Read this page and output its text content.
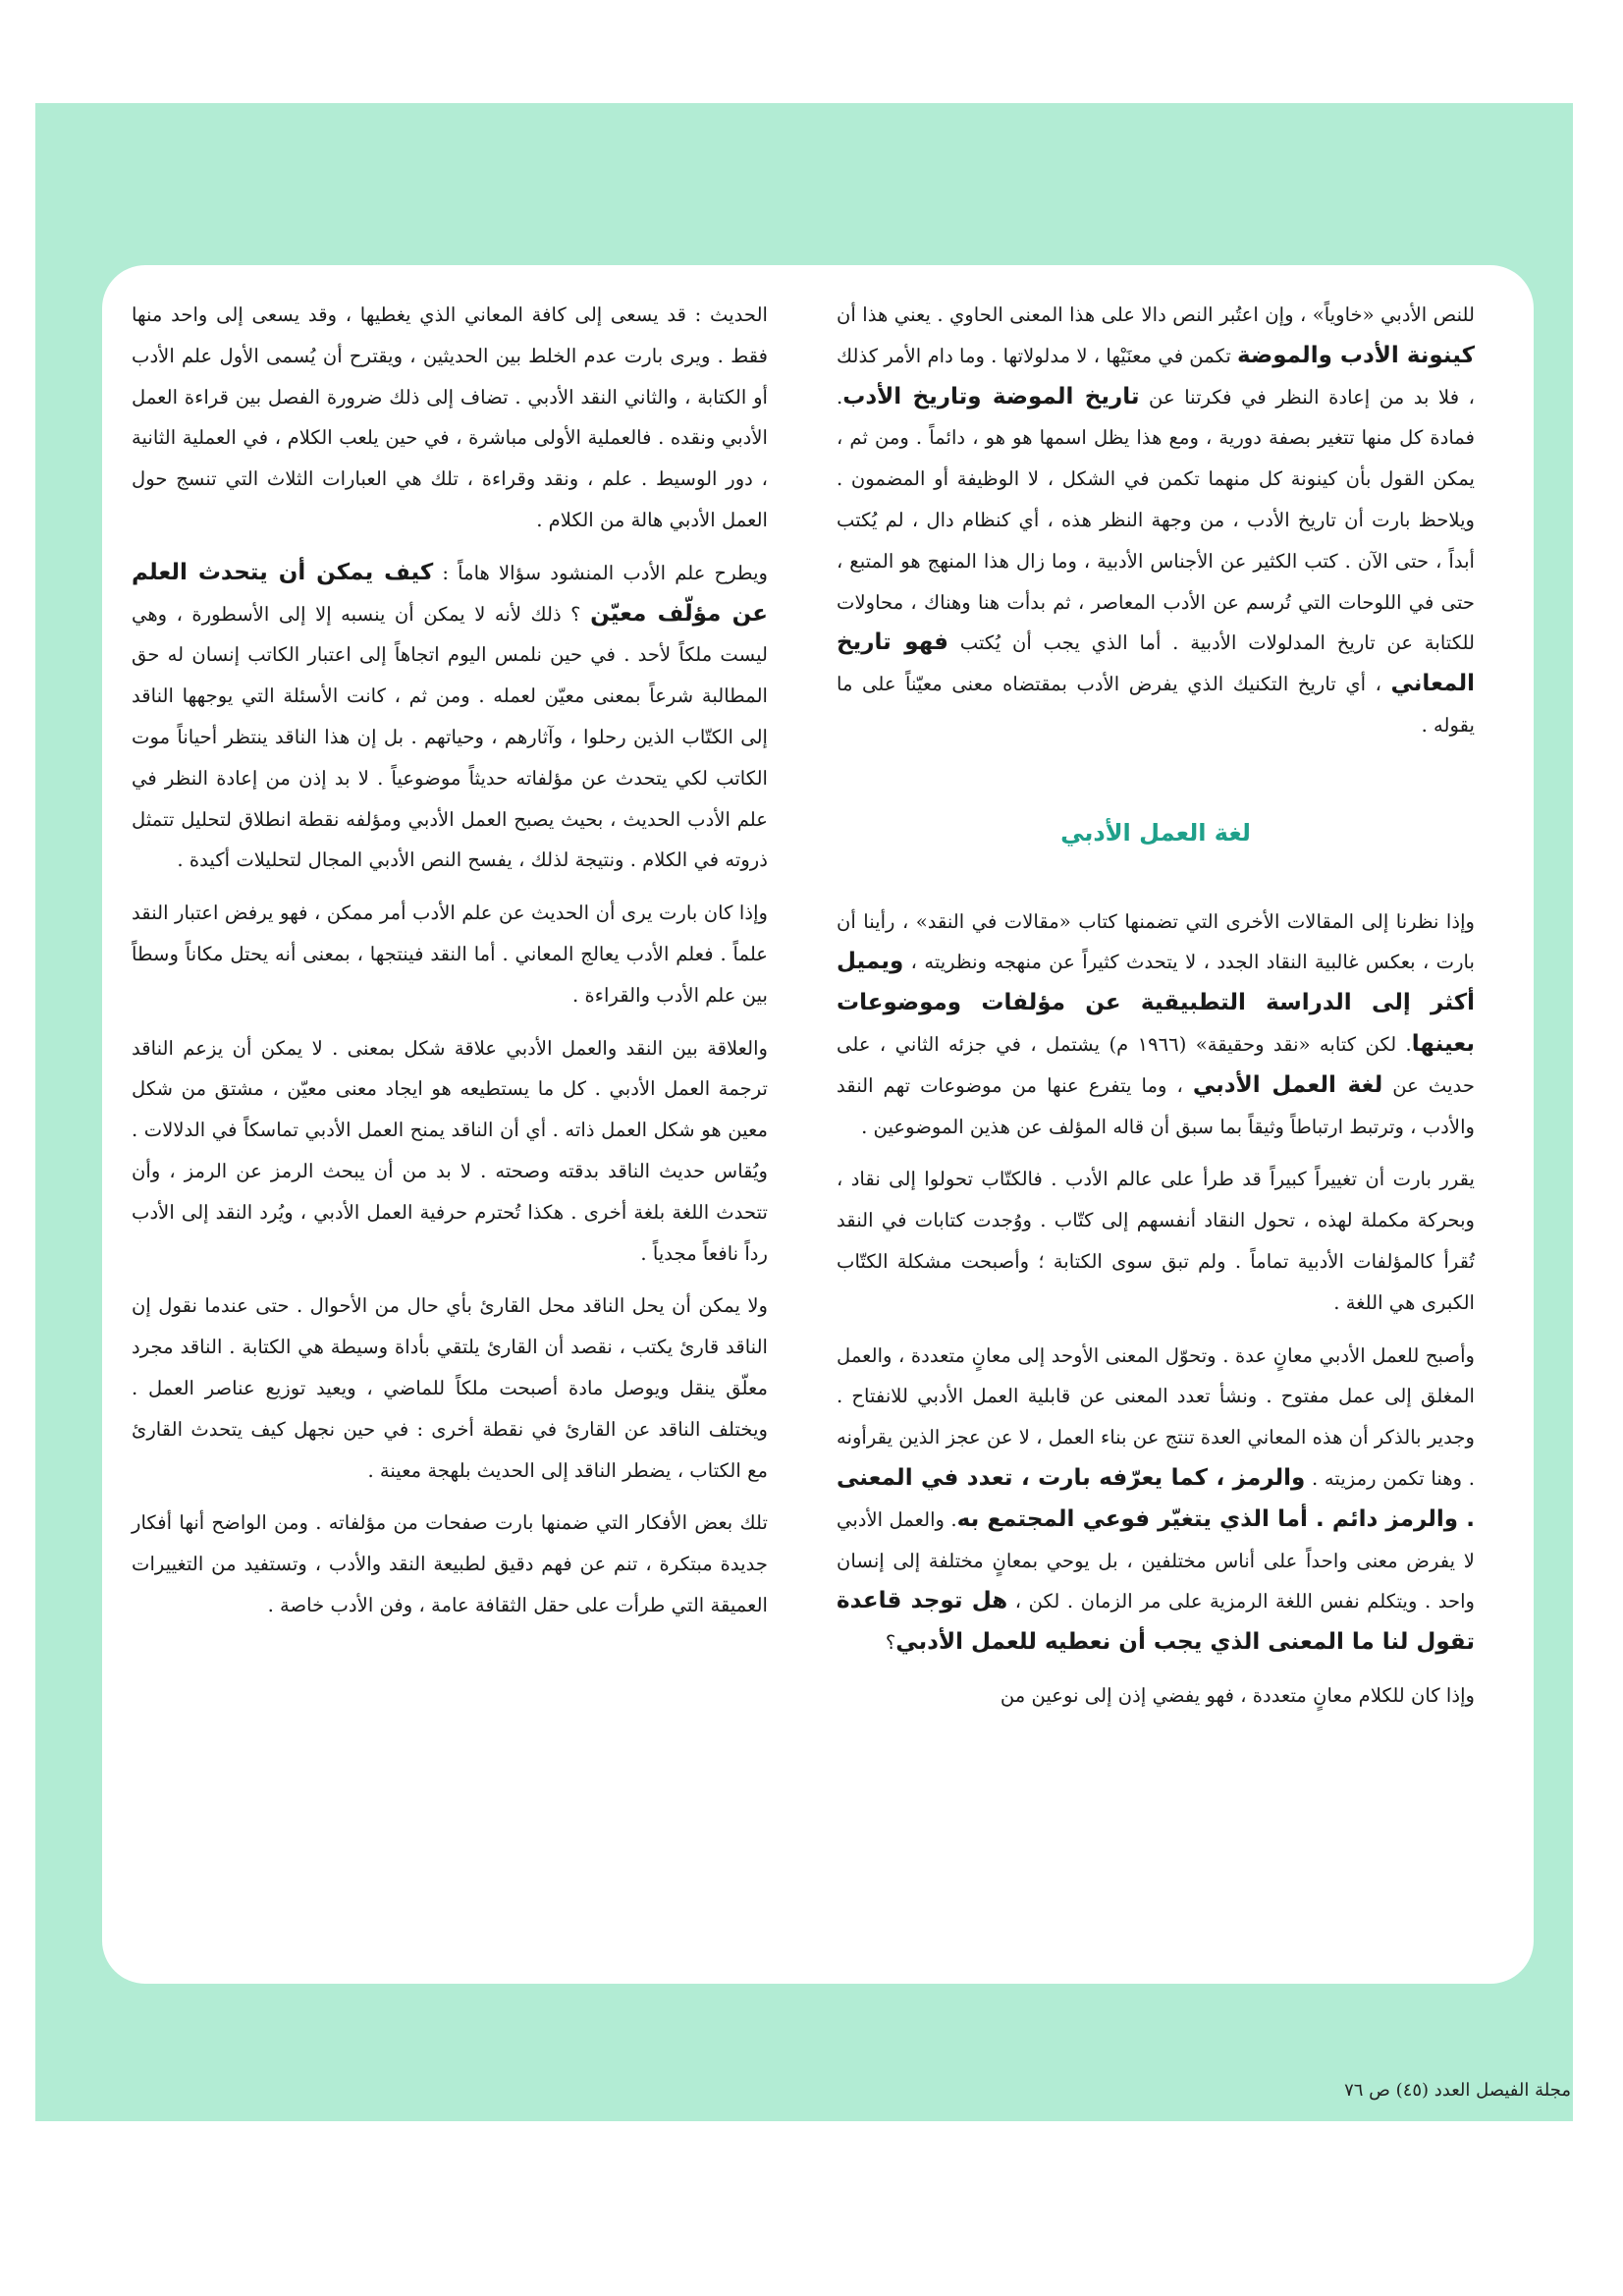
للنص الأدبي «خاوياً» ، وإن اعتُبر النص دالا على هذا المعنى الحاوي . يعني هذا أن كينونة الأدب والموضة تكمن في معنَيْها ، لا مدلولاتها . وما دام الأمر كذلك ، فلا بد من إعادة النظر في فكرتنا عن تاريخ الموضة وتاريخ الأدب. فمادة كل منها تتغير بصفة دورية ، ومع هذا يظل اسمها هو هو ، دائماً . ومن ثم ، يمكن القول بأن كينونة كل منهما تكمن في الشكل ، لا الوظيفة أو المضمون . ويلاحظ بارت أن تاريخ الأدب ، من وجهة النظر هذه ، أي كنظام دال ، لم يُكتب أبداً ، حتى الآن . كتب الكثير عن الأجناس الأدبية ، وما زال هذا المنهج هو المتبع ، حتى في اللوحات التي تُرسم عن الأدب المعاصر ، ثم بدأت هنا وهناك ، محاولات للكتابة عن تاريخ المدلولات الأدبية . أما الذي يجب أن يُكتب فهو تاريخ المعاني ، أي تاريخ التكنيك الذي يفرض الأدب بمقتضاه معنى معيّناً على ما يقوله .

لغة العمل الأدبي

وإذا نظرنا إلى المقالات الأخرى التي تضمنها كتاب «مقالات في النقد» ، رأينا أن بارت ، بعكس غالبية النقاد الجدد ، لا يتحدث كثيراً عن منهجه ونظريته ، ويميل أكثر إلى الدراسة التطبيقية عن مؤلفات وموضوعات بعينها. لكن كتابه «نقد وحقيقة» (١٩٦٦ م) يشتمل ، في جزئه الثاني ، على حديث عن لغة العمل الأدبي ، وما يتفرع عنها من موضوعات تهم النقد والأدب ، وترتبط ارتباطاً وثيقاً بما سبق أن قاله المؤلف عن هذين الموضوعين .

يقرر بارت أن تغييراً كبيراً قد طرأ على عالم الأدب . فالكتّاب تحولوا إلى نقاد ، وبحركة مكملة لهذه ، تحول النقاد أنفسهم إلى كتّاب . ووُجدت كتابات في النقد تُقرأ كالمؤلفات الأدبية تماماً . ولم تبق سوى الكتابة ؛ وأصبحت مشكلة الكتّاب الكبرى هي اللغة .

وأصبح للعمل الأدبي معانٍ عدة . وتحوّل المعنى الأوحد إلى معانٍ متعددة ، والعمل المغلق إلى عمل مفتوح . ونشأ تعدد المعنى عن قابلية العمل الأدبي للانفتاح . وجدير بالذكر أن هذه المعاني العدة تنتج عن بناء العمل ، لا عن عجز الذين يقرأونه . وهنا تكمن رمزيته . والرمز ، كما يعرّفه بارت ، تعدد في المعنى . والرمز دائم . أما الذي يتغيّر فوعي المجتمع به. والعمل الأدبي لا يفرض معنى واحداً على أناس مختلفين ، بل يوحي بمعانٍ مختلفة إلى إنسان واحد . ويتكلم نفس اللغة الرمزية على مر الزمان . لكن ، هل توجد قاعدة تقول لنا ما المعنى الذي يجب أن نعطيه للعمل الأدبي؟

وإذا كان للكلام معانٍ متعددة ، فهو يفضي إذن إلى نوعين من

الحديث : قد يسعى إلى كافة المعاني الذي يغطيها ، وقد يسعى إلى واحد منها فقط . ويرى بارت عدم الخلط بين الحديثين ، ويقترح أن يُسمى الأول علم الأدب أو الكتابة ، والثاني النقد الأدبي . تضاف إلى ذلك ضرورة الفصل بين قراءة العمل الأدبي ونقده . فالعملية الأولى مباشرة ، في حين يلعب الكلام ، في العملية الثانية ، دور الوسيط . علم ، ونقد وقراءة ، تلك هي العبارات الثلاث التي تنسج حول العمل الأدبي هالة من الكلام .

ويطرح علم الأدب المنشود سؤالا هاماً : كيف يمكن أن يتحدث العلم عن مؤلّف معيّن ؟ ذلك لأنه لا يمكن أن ينسبه إلا إلى الأسطورة ، وهي ليست ملكاً لأحد . في حين نلمس اليوم اتجاهاً إلى اعتبار الكاتب إنسان له حق المطالبة شرعاً بمعنى معيّن لعمله . ومن ثم ، كانت الأسئلة التي يوجهها الناقد إلى الكتّاب الذين رحلوا ، وآثارهم ، وحياتهم . بل إن هذا الناقد ينتظر أحياناً موت الكاتب لكي يتحدث عن مؤلفاته حديثاً موضوعياً . لا بد إذن من إعادة النظر في علم الأدب الحديث ، بحيث يصبح العمل الأدبي ومؤلفه نقطة انطلاق لتحليل تتمثل ذروته في الكلام . ونتيجة لذلك ، يفسح النص الأدبي المجال لتحليلات أكيدة .

وإذا كان بارت يرى أن الحديث عن علم الأدب أمر ممكن ، فهو يرفض اعتبار النقد علماً . فعلم الأدب يعالج المعاني . أما النقد فينتجها ، بمعنى أنه يحتل مكاناً وسطاً بين علم الأدب والقراءة .

والعلاقة بين النقد والعمل الأدبي علاقة شكل بمعنى . لا يمكن أن يزعم الناقد ترجمة العمل الأدبي . كل ما يستطيعه هو ايجاد معنى معيّن ، مشتق من شكل معين هو شكل العمل ذاته . أي أن الناقد يمنح العمل الأدبي تماسكاً في الدلالات . ويُقاس حديث الناقد بدقته وصحته . لا بد من أن يبحث الرمز عن الرمز ، وأن تتحدث اللغة بلغة أخرى . هكذا تُحترم حرفية العمل الأدبي ، ويُرد النقد إلى الأدب رداً نافعاً مجدياً .

ولا يمكن أن يحل الناقد محل القارئ بأي حال من الأحوال . حتى عندما نقول إن الناقد قارئ يكتب ، نقصد أن القارئ يلتقي بأداة وسيطة هي الكتابة . الناقد مجرد معلّق ينقل ويوصل مادة أصبحت ملكاً للماضي ، ويعيد توزيع عناصر العمل . ويختلف الناقد عن القارئ في نقطة أخرى : في حين نجهل كيف يتحدث القارئ مع الكتاب ، يضطر الناقد إلى الحديث بلهجة معينة .

تلك بعض الأفكار التي ضمنها بارت صفحات من مؤلفاته . ومن الواضح أنها أفكار جديدة مبتكرة ، تنم عن فهم دقيق لطبيعة النقد والأدب ، وتستفيد من التغييرات العميقة التي طرأت على حقل الثقافة عامة ، وفن الأدب خاصة .

مجلة الفيصل العدد (٤٥) ص ٧٦
